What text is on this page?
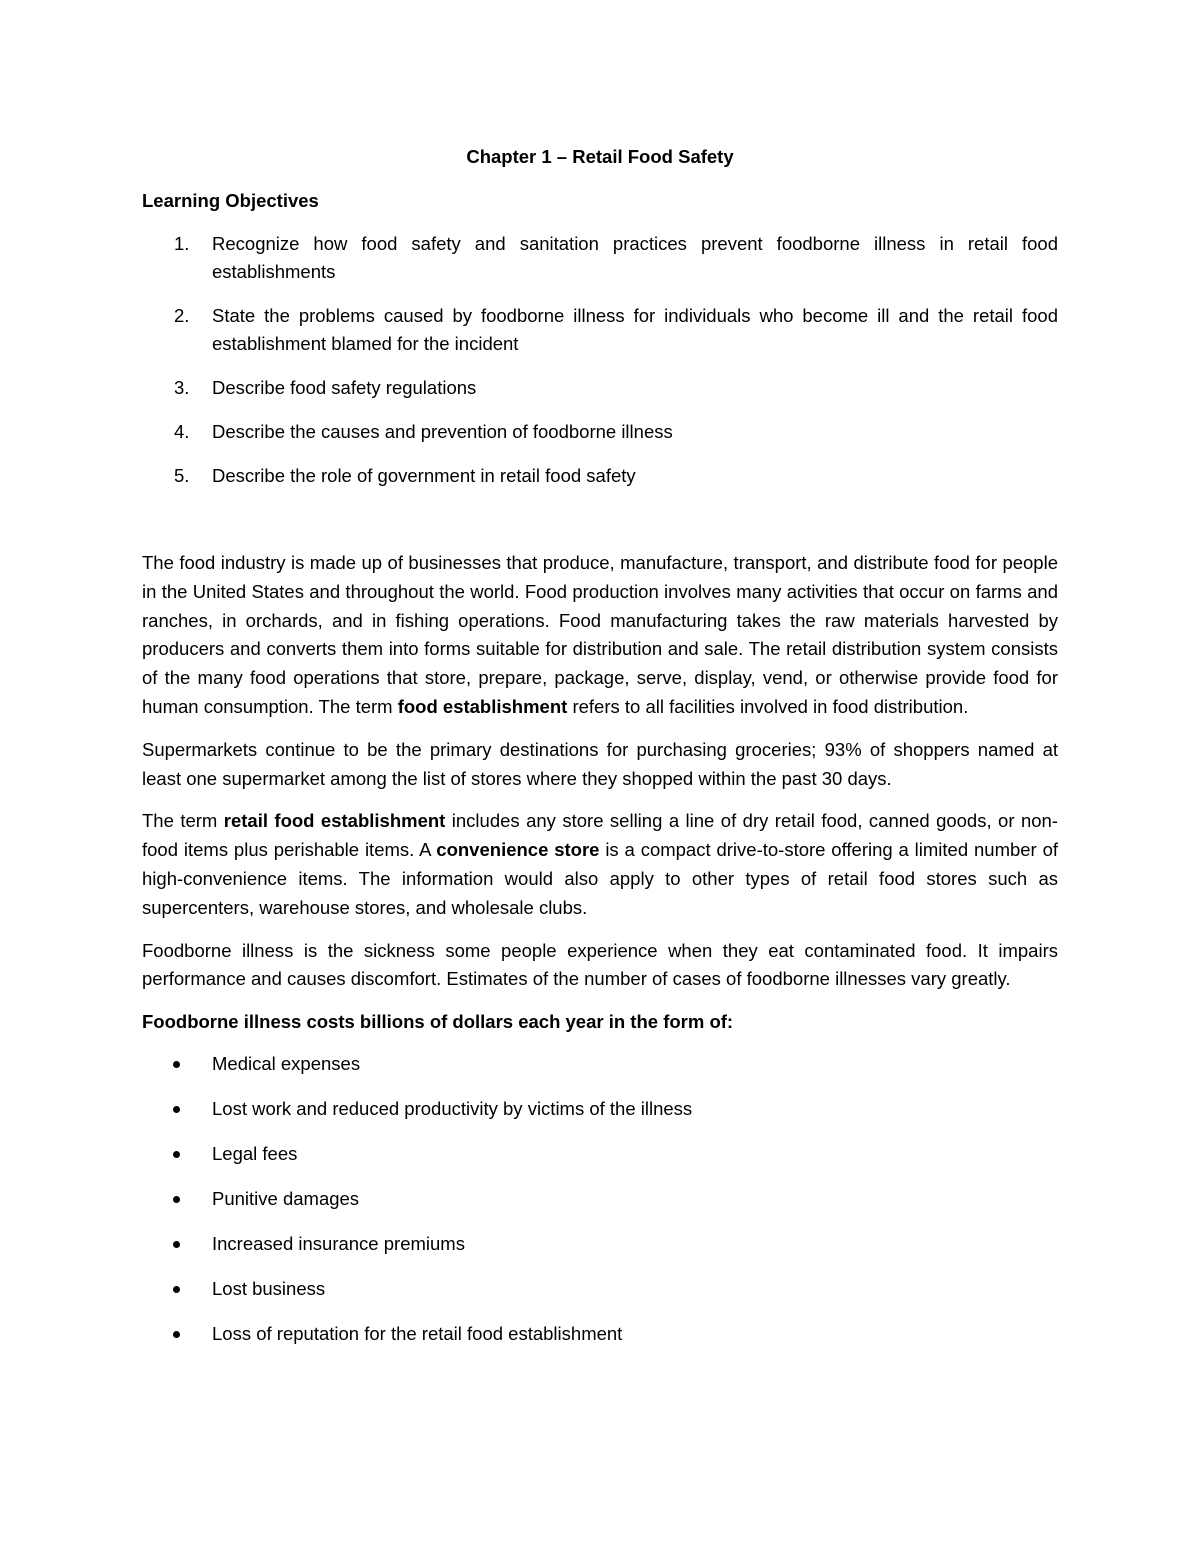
Chapter 1 – Retail Food Safety
Learning Objectives
1. Recognize how food safety and sanitation practices prevent foodborne illness in retail food establishments
2. State the problems caused by foodborne illness for individuals who become ill and the retail food establishment blamed for the incident
3. Describe food safety regulations
4. Describe the causes and prevention of foodborne illness
5. Describe the role of government in retail food safety

The food industry is made up of businesses that produce, manufacture, transport, and distribute food for people in the United States and throughout the world. Food production involves many activities that occur on farms and ranches, in orchards, and in fishing operations. Food manufacturing takes the raw materials harvested by producers and converts them into forms suitable for distribution and sale. The retail distribution system consists of the many food operations that store, prepare, package, serve, display, vend, or otherwise provide food for human consumption. The term food establishment refers to all facilities involved in food distribution.

Supermarkets continue to be the primary destinations for purchasing groceries; 93% of shoppers named at least one supermarket among the list of stores where they shopped within the past 30 days.

The term retail food establishment includes any store selling a line of dry retail food, canned goods, or non-food items plus perishable items. A convenience store is a compact drive-to-store offering a limited number of high-convenience items. The information would also apply to other types of retail food stores such as supercenters, warehouse stores, and wholesale clubs.

Foodborne illness is the sickness some people experience when they eat contaminated food. It impairs performance and causes discomfort. Estimates of the number of cases of foodborne illnesses vary greatly.

Foodborne illness costs billions of dollars each year in the form of:
Medical expenses
Lost work and reduced productivity by victims of the illness
Legal fees
Punitive damages
Increased insurance premiums
Lost business
Loss of reputation for the retail food establishment
